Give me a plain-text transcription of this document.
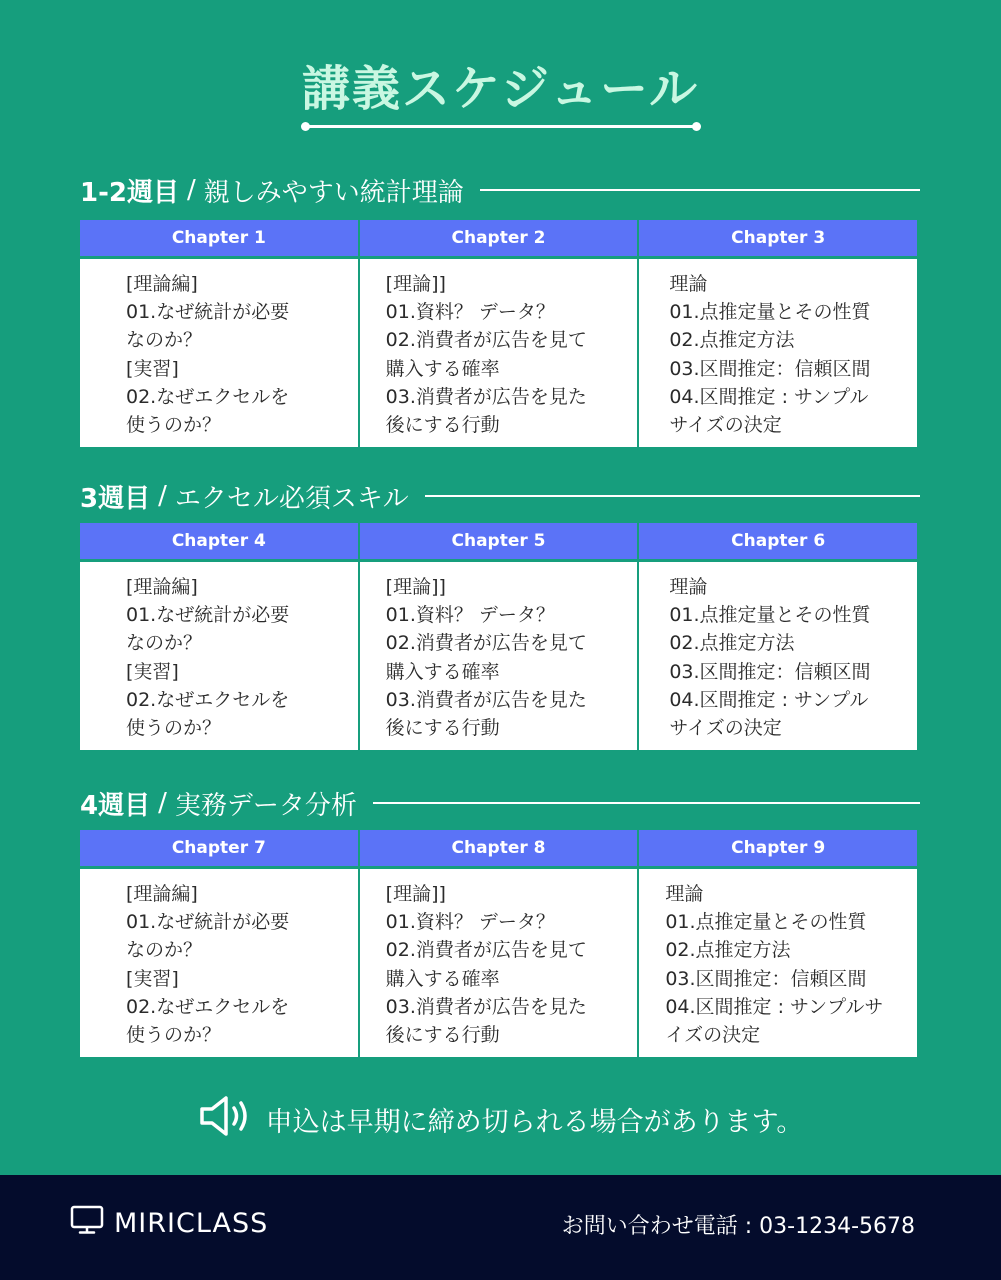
講義スケジュール
1-2週目 / 親しみやすい統計理論
Chapter 1
[理論編]
01.なぜ統計が必要
なのか？
[実習]
02.なぜエクセルを
使うのか？
Chapter 2
[理論]]
01.資料？ データ？
02.消費者が広告を見て
購入する確率
03.消費者が広告を見た
後にする行動
Chapter 3
理論
01.点推定量とその性質
02.点推定方法
03.区間推定：信頼区間
04.区間推定 : サンプル
サイズの決定
3週目 / エクセル必須スキル
Chapter 4
[理論編]
01.なぜ統計が必要
なのか？
[実習]
02.なぜエクセルを
使うのか？
Chapter 5
[理論]]
01.資料？ データ？
02.消費者が広告を見て
購入する確率
03.消費者が広告を見た
後にする行動
Chapter 6
理論
01.点推定量とその性質
02.点推定方法
03.区間推定：信頼区間
04.区間推定 : サンプル
サイズの決定
4週目 / 実務データ分析
Chapter 7
[理論編]
01.なぜ統計が必要
なのか？
[実習]
02.なぜエクセルを
使うのか？
Chapter 8
[理論]]
01.資料？ データ？
02.消費者が広告を見て
購入する確率
03.消費者が広告を見た
後にする行動
Chapter 9
理論
01.点推定量とその性質
02.点推定方法
03.区間推定：信頼区間
04.区間推定 : サンプルサ
イズの決定
申込は早期に締め切られる場合があります。
MIRICLASS	お問い合わせ電話 : 03-1234-5678
